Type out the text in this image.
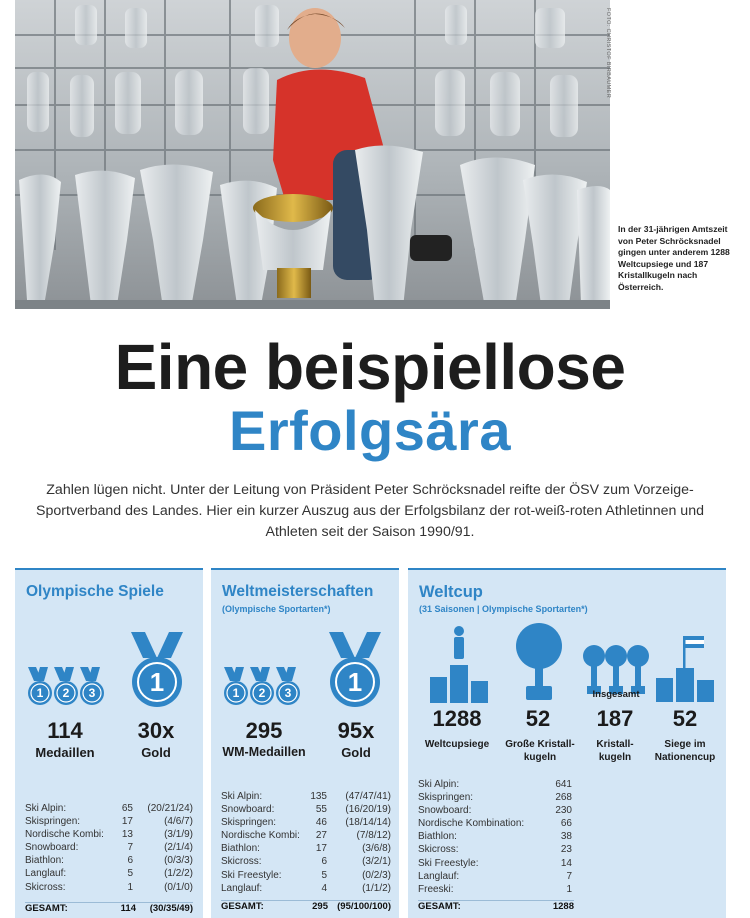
FOTO: CHRISTOF BIRBAUMER
In der 31-jährigen Amtszeit von Peter Schröcksnadel gingen unter anderem 1288 Weltcupsiege und 187 Kristallkugeln nach Österreich.
Eine beispiellose
Erfolgsära
Zahlen lügen nicht. Unter der Leitung von Präsident Peter Schröcksnadel reifte der ÖSV zum Vorzeige-Sportverband des Landes. Hier ein kurzer Auszug aus der Erfolgsbilanz der rot-weiß-roten Athletinnen und Athleten seit der Saison 1990/91.
Olympische Spiele
1 2 3 1
114
Medaillen
30x
Gold
Ski Alpin:	65	(20/21/24)
Skispringen:	17	(4/6/7)
Nordische Kombi:	13	(3/1/9)
Snowboard:	7	(2/1/4)
Biathlon:	6	(0/3/3)
Langlauf:	5	(1/2/2)
Skicross:	1	(0/1/0)
GESAMT:	114	(30/35/49)
Weltmeisterschaften
(Olympische Sportarten*)
1 2 3 1
295
WM-Medaillen
95x
Gold
Ski Alpin:	135	(47/47/41)
Snowboard:	55	(16/20/19)
Skispringen:	46	(18/14/14)
Nordische Kombi:	27	(7/8/12)
Biathlon:	17	(3/6/8)
Skicross:	6	(3/2/1)
Ski Freestyle:	5	(0/2/3)
Langlauf:	4	(1/1/2)
GESAMT:	295 (95/100/100)
Weltcup
(31 Saisonen | Olympische Sportarten*)
Insgesamt
1288
Weltcupsiege
52
Große Kristall-kugeln
187
Kristall-kugeln
52
Siege im Nationencup
Ski Alpin:	641
Skispringen:	268
Snowboard:	230
Nordische Kombination:	66
Biathlon:	38
Skicross:	23
Ski Freestyle:	14
Langlauf:	7
Freeski:	1
GESAMT:	1288
